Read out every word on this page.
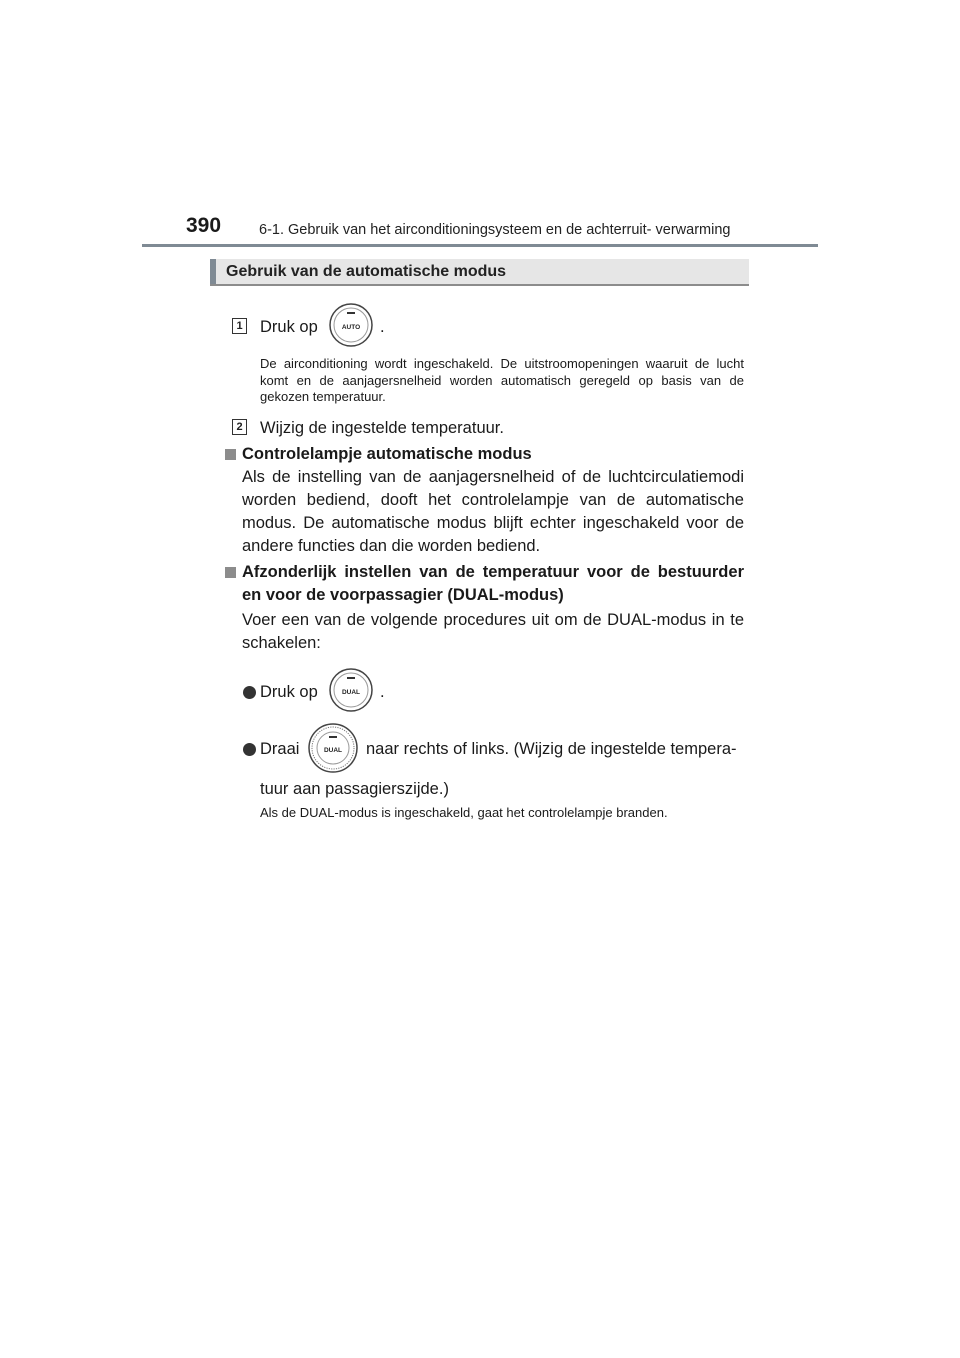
390	6-1. Gebruik van het airconditioningsysteem en de achterruit- verwarming
Gebruik van de automatische modus
1 Druk op	AUTO .
De airconditioning wordt ingeschakeld. De uitstroomopeningen waaruit de lucht komt en de aanjagersnelheid worden automatisch geregeld op basis van de gekozen temperatuur.
2 Wijzig de ingestelde temperatuur.
Controlelampje automatische modus
Als de instelling van de aanjagersnelheid of de luchtcirculatiemodi worden bediend, dooft het controlelampje van de automatische modus. De automatische modus blijft echter ingeschakeld voor de andere functies dan die worden bediend.
Afzonderlijk instellen van de temperatuur voor de bestuurder
en voor de voorpassagier (DUAL-modus)
Voer een van de volgende procedures uit om de DUAL-modus in te schakelen:
Druk op	DUAL .
Draai	DUAL naar rechts of links. (Wijzig de ingestelde tempera-
tuur aan passagierszijde.)
Als de DUAL-modus is ingeschakeld, gaat het controlelampje branden.
